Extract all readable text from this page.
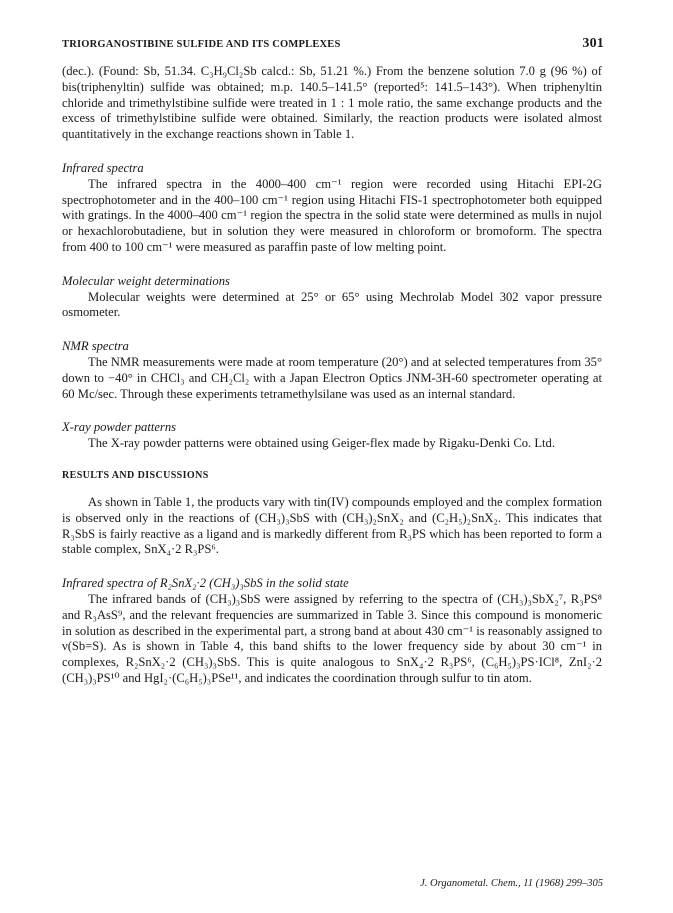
TRIORGANOSTIBINE SULFIDE AND ITS COMPLEXES	301

(dec.). (Found: Sb, 51.34. C₃H₉Cl₂Sb calcd.: Sb, 51.21 %.) From the benzene solution 7.0 g (96 %) of bis(triphenyltin) sulfide was obtained; m.p. 140.5–141.5° (reported⁵: 141.5–143°). When triphenyltin chloride and trimethylstibine sulfide were treated in 1 : 1 mole ratio, the same exchange products and the excess of trimethylstibine sulfide were obtained. Similarly, the reaction products were isolated almost quantitatively in the exchange reactions shown in Table 1.

Infrared spectra

The infrared spectra in the 4000–400 cm⁻¹ region were recorded using Hitachi EPI-2G spectrophotometer and in the 400–100 cm⁻¹ region using Hitachi FIS-1 spectrophotometer both equipped with gratings. In the 4000–400 cm⁻¹ region the spectra in the solid state were determined as mulls in nujol or hexachlorobutadiene, but in solution they were measured in chloroform or bromoform. The spectra from 400 to 100 cm⁻¹ were measured as paraffin paste of low melting point.

Molecular weight determinations

Molecular weights were determined at 25° or 65° using Mechrolab Model 302 vapor pressure osmometer.

NMR spectra

The NMR measurements were made at room temperature (20°) and at selected temperatures from 35° down to −40° in CHCl₃ and CH₂Cl₂ with a Japan Electron Optics JNM-3H-60 spectrometer operating at 60 Mc/sec. Through these experiments tetramethylsilane was used as an internal standard.

X-ray powder patterns

The X-ray powder patterns were obtained using Geiger-flex made by Rigaku-Denki Co. Ltd.

RESULTS AND DISCUSSIONS

As shown in Table 1, the products vary with tin(IV) compounds employed and the complex formation is observed only in the reactions of (CH₃)₃SbS with (CH₃)₂SnX₂ and (C₂H₅)₂SnX₂. This indicates that R₃SbS is fairly reactive as a ligand and is markedly different from R₃PS which has been reported to form a stable complex, SnX₄·2 R₃PS⁶.

Infrared spectra of R₂SnX₂·2 (CH₃)₃SbS in the solid state

The infrared bands of (CH₃)₃SbS were assigned by referring to the spectra of (CH₃)₃SbX₂⁷, R₃PS⁸ and R₃AsS⁹, and the relevant frequencies are summarized in Table 3. Since this compound is monomeric in solution as described in the experimental part, a strong band at about 430 cm⁻¹ is reasonably assigned to ν(Sb=S). As is shown in Table 4, this band shifts to the lower frequency side by about 30 cm⁻¹ in complexes, R₂SnX₂·2 (CH₃)₃SbS. This is quite analogous to SnX₄·2 R₃PS⁶, (C₆H₅)₃PS·ICl⁸, ZnI₂·2 (CH₃)₃PS¹⁰ and HgI₂·(C₆H₅)₃PSe¹¹, and indicates the coordination through sulfur to tin atom.

J. Organometal. Chem., 11 (1968) 299–305
